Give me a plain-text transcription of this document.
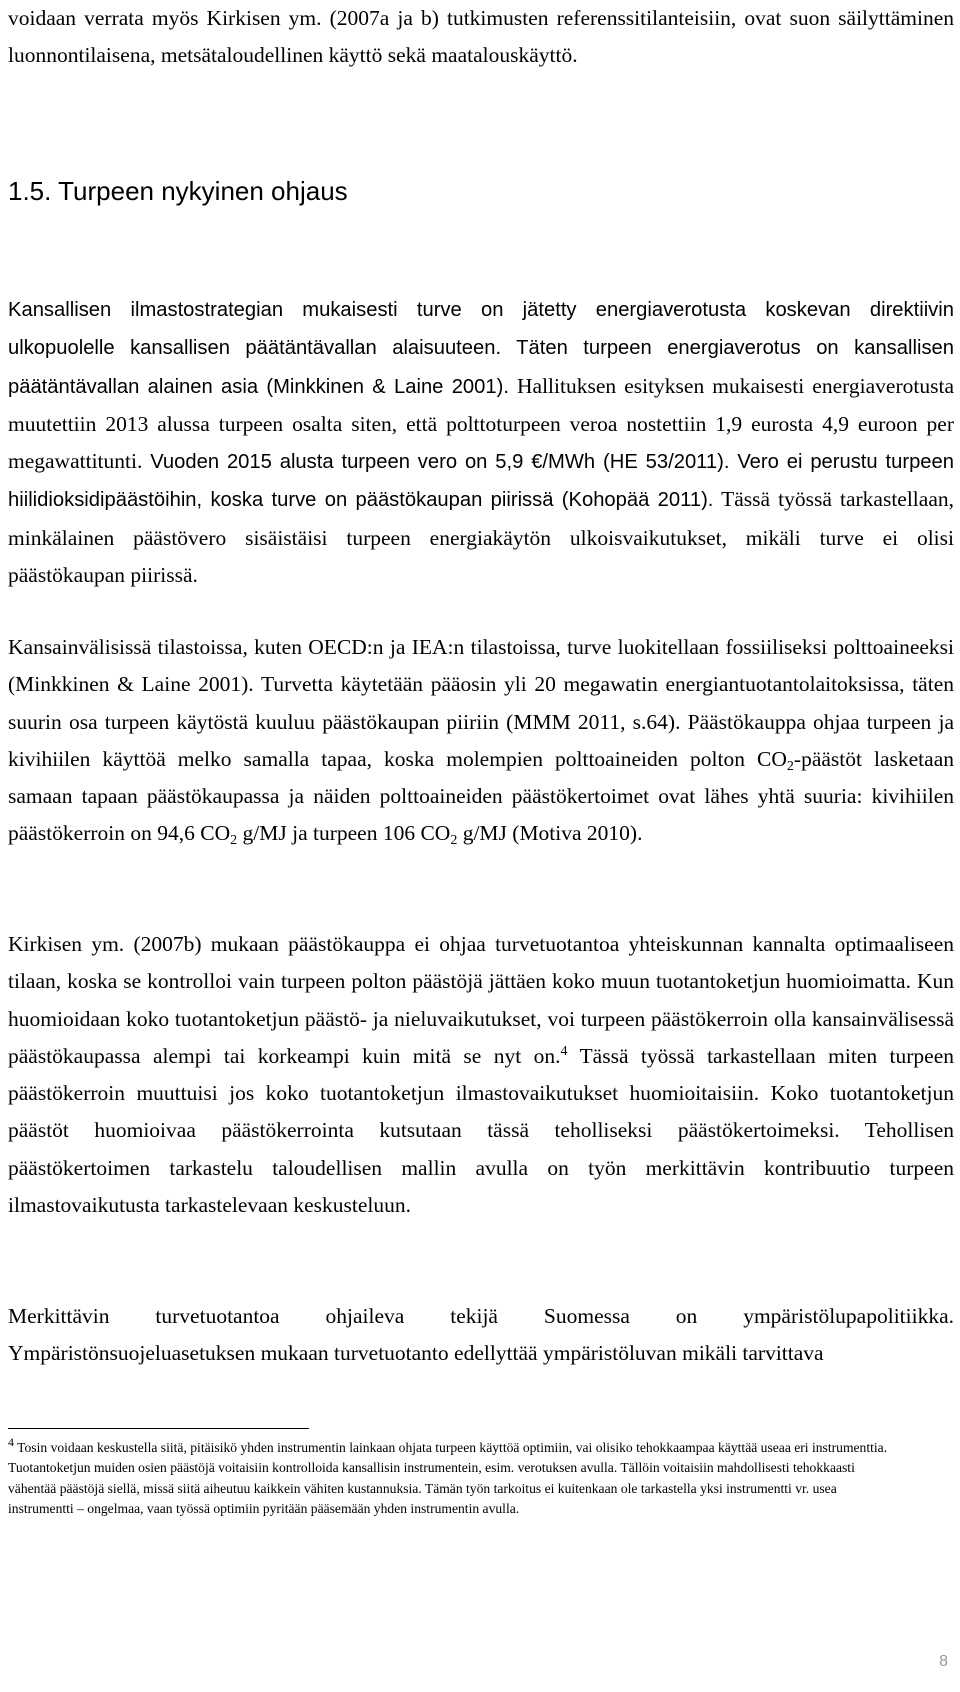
voidaan verrata myös Kirkisen ym. (2007a ja b) tutkimusten referenssitilanteisiin, ovat suon säilyttäminen luonnontilaisena, metsätaloudellinen käyttö sekä maatalouskäyttö.

1.5. Turpeen nykyinen ohjaus

Kansallisen ilmastostrategian mukaisesti turve on jätetty energiaverotusta koskevan direktiivin ulkopuolelle kansallisen päätäntävallan alaisuuteen. Täten turpeen energiaverotus on kansallisen päätäntävallan alainen asia (Minkkinen & Laine 2001). Hallituksen esityksen mukaisesti energiaverotusta muutettiin 2013 alussa turpeen osalta siten, että polttoturpeen veroa nostettiin 1,9 eurosta 4,9 euroon per megawattitunti. Vuoden 2015 alusta turpeen vero on 5,9 €/MWh (HE 53/2011). Vero ei perustu turpeen hiilidioksidipäästöihin, koska turve on päästökaupan piirissä (Kohopää 2011). Tässä työssä tarkastellaan, minkälainen päästövero sisäistäisi turpeen energiakäytön ulkoisvaikutukset, mikäli turve ei olisi päästökaupan piirissä.

Kansainvälisissä tilastoissa, kuten OECD:n ja IEA:n tilastoissa, turve luokitellaan fossiiliseksi polttoaineeksi (Minkkinen & Laine 2001). Turvetta käytetään pääosin yli 20 megawatin energiantuotantolaitoksissa, täten suurin osa turpeen käytöstä kuuluu päästökaupan piiriin (MMM 2011, s.64). Päästökauppa ohjaa turpeen ja kivihiilen käyttöä melko samalla tapaa, koska molempien polttoaineiden polton $CO_2$-päästöt lasketaan samaan tapaan päästökaupassa ja näiden polttoaineiden päästökertoimet ovat lähes yhtä suuria: kivihiilen päästökerroin on 94,6 $CO_2$ g/MJ ja turpeen 106 $CO_2$ g/MJ (Motiva 2010).

Kirkisen ym. (2007b) mukaan päästökauppa ei ohjaa turvetuotantoa yhteiskunnan kannalta optimaaliseen tilaan, koska se kontrolloi vain turpeen polton päästöjä jättäen koko muun tuotantoketjun huomioimatta. Kun huomioidaan koko tuotantoketjun päästö- ja nieluvaikutukset, voi turpeen päästökerroin olla kansainvälisessä päästökaupassa alempi tai korkeampi kuin mitä se nyt on.$^4$ Tässä työssä tarkastellaan miten turpeen päästökerroin muuttuisi jos koko tuotantoketjun ilmastovaikutukset huomioitaisiin. Koko tuotantoketjun päästöt huomioivaa päästökerrointa kutsutaan tässä teholliseksi päästökertoimeksi. Tehollisen päästökertoimen tarkastelu taloudellisen mallin avulla on työn merkittävin kontribuutio turpeen ilmastovaikutusta tarkastelevaan keskusteluun.

Merkittävin turvetuotantoa ohjaileva tekijä Suomessa on ympäristölupapolitiikka. Ympäristönsuojeluasetuksen mukaan turvetuotanto edellyttää ympäristöluvan mikäli tarvittava

$^4$ Tosin voidaan keskustella siitä, pitäisikö yhden instrumentin lainkaan ohjata turpeen käyttöä optimiin, vai olisiko tehokkaampaa käyttää useaa eri instrumenttia. Tuotantoketjun muiden osien päästöjä voitaisiin kontrolloida kansallisin instrumentein, esim. verotuksen avulla. Tällöin voitaisiin mahdollisesti tehokkaasti vähentää päästöjä siellä, missä siitä aiheutuu kaikkein vähiten kustannuksia. Tämän työn tarkoitus ei kuitenkaan ole tarkastella yksi instrumentti vr. usea instrumentti – ongelmaa, vaan työssä optimiin pyritään pääsemään yhden instrumentin avulla.

8
